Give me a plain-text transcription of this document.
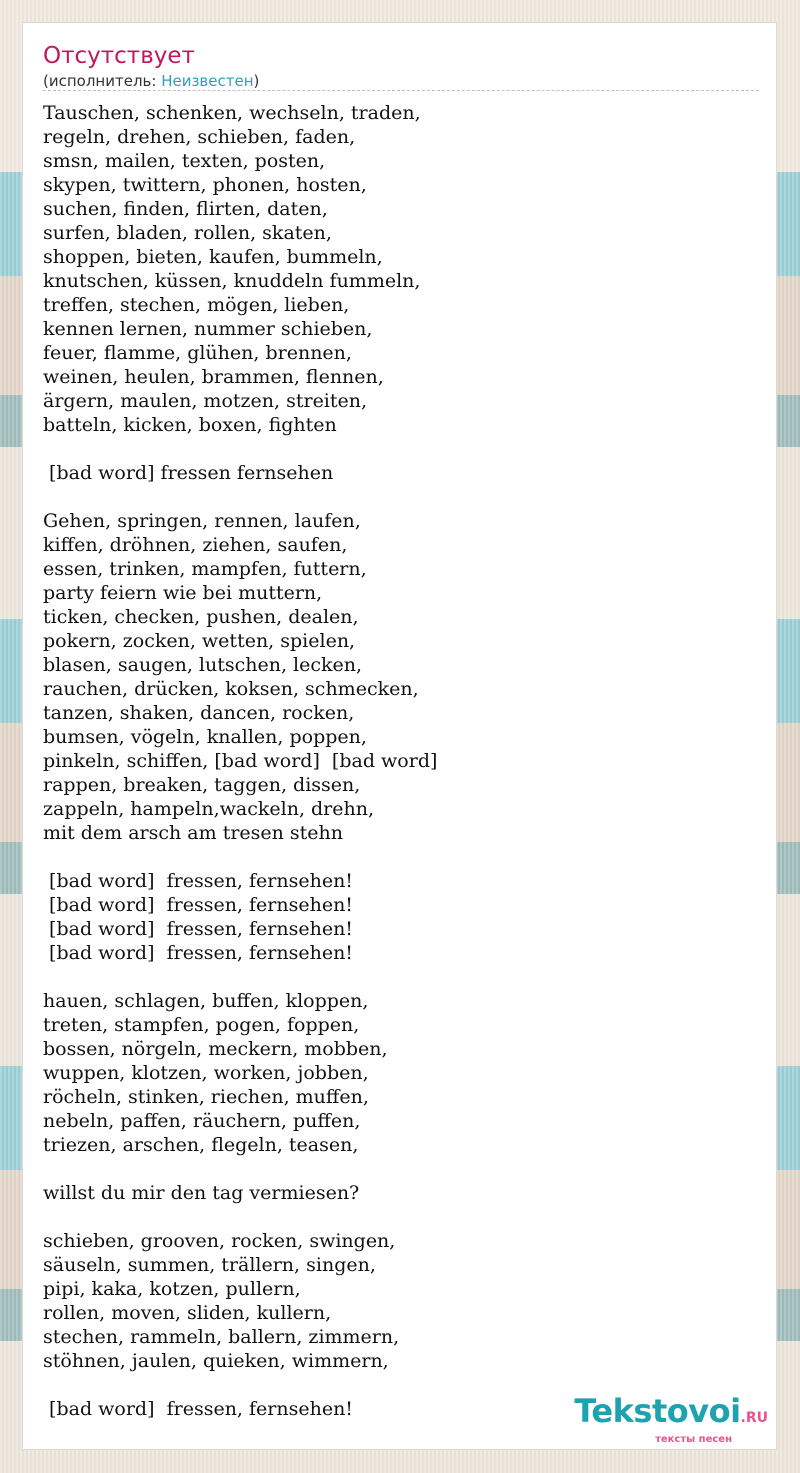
Отсутствует
(исполнитель: Неизвестен)
Tauschen, schenken, wechseln, traden,
regeln, drehen, schieben, faden,
smsn, mailen, texten, posten,
skypen, twittern, phonen, hosten,
suchen, finden, flirten, daten,
surfen, bladen, rollen, skaten,
shoppen, bieten, kaufen, bummeln,
knutschen, küssen, knuddeln fummeln,
treffen, stechen, mögen, lieben,
kennen lernen, nummer schieben,
feuer, flamme, glühen, brennen,
weinen, heulen, brammen, flennen,
ärgern, maulen, motzen, streiten,
batteln, kicken, boxen, fighten

[bad word] fressen fernsehen

Gehen, springen, rennen, laufen,
kiffen, dröhnen, ziehen, saufen,
essen, trinken, mampfen, futtern,
party feiern wie bei muttern,
ticken, checken, pushen, dealen,
pokern, zocken, wetten, spielen,
blasen, saugen, lutschen, lecken,
rauchen, drücken, koksen, schmecken,
tanzen, shaken, dancen, rocken,
bumsen, vögeln, knallen, poppen,
pinkeln, schiffen, [bad word]  [bad word]
rappen, breaken, taggen, dissen,
zappeln, hampeln,wackeln, drehn,
mit dem arsch am tresen stehn

[bad word]  fressen, fernsehen!
[bad word]  fressen, fernsehen!
[bad word]  fressen, fernsehen!
[bad word]  fressen, fernsehen!

hauen, schlagen, buffen, kloppen,
treten, stampfen, pogen, foppen,
bossen, nörgeln, meckern, mobben,
wuppen, klotzen, worken, jobben,
röcheln, stinken, riechen, muffen,
nebeln, paffen, räuchern, puffen,
triezen, arschen, flegeln, teasen,

willst du mir den tag vermiesen?

schieben, grooven, rocken, swingen,
säuseln, summen, trällern, singen,
pipi, kaka, kotzen, pullern,
rollen, moven, sliden, kullern,
stechen, rammeln, ballern, zimmern,
stöhnen, jaulen, quieken, wimmern,

[bad word]  fressen, fernsehen!	Tekstovoi.RU
тексты песен
